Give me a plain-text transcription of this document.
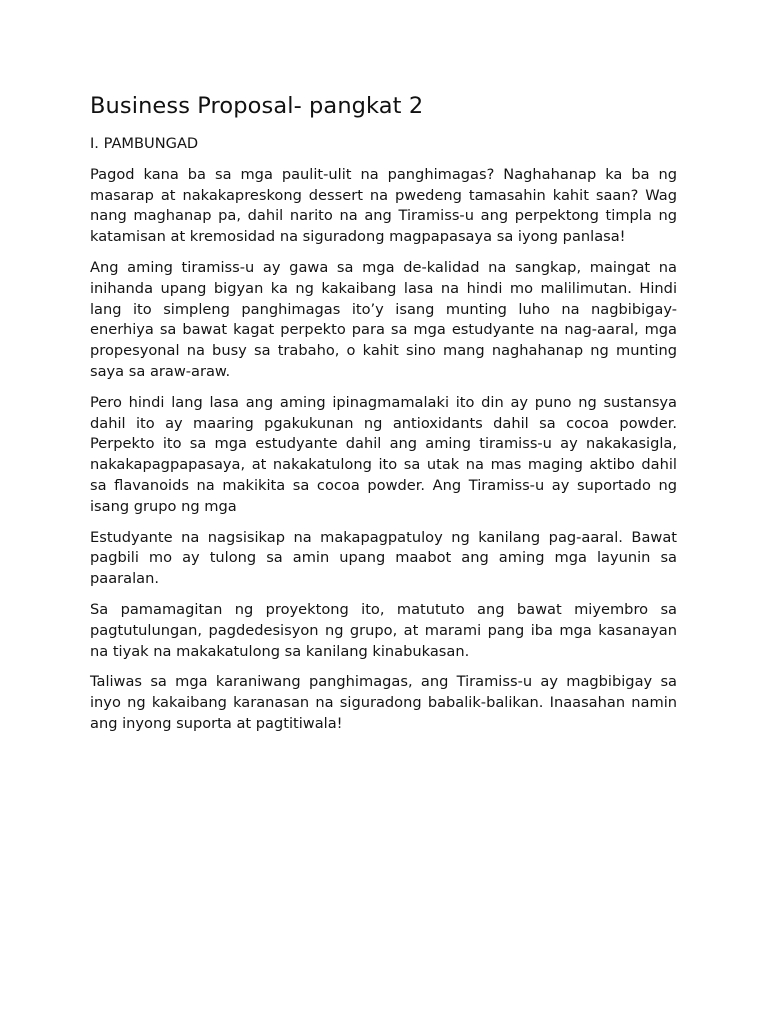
Business Proposal- pangkat 2
I. PAMBUNGAD

Pagod kana ba sa mga paulit-ulit na panghimagas? Naghahanap ka ba ng masarap at nakakapreskong dessert na pwedeng tamasahin kahit saan? Wag nang maghanap pa, dahil narito na ang Tiramiss-u ang perpektong timpla ng katamisan at kremosidad na siguradong magpapasaya sa iyong panlasa!

Ang aming tiramiss-u ay gawa sa mga de-kalidad na sangkap, maingat na inihanda upang bigyan ka ng kakaibang lasa na hindi mo malilimutan. Hindi lang ito simpleng panghimagas ito’y isang munting luho na nagbibigay-enerhiya sa bawat kagat perpekto para sa mga estudyante na nag-aaral, mga propesyonal na busy sa trabaho, o kahit sino mang naghahanap ng munting saya sa araw-araw.

Pero hindi lang lasa ang aming ipinagmamalaki ito din ay puno ng sustansya dahil ito ay maaring pgakukunan ng antioxidants dahil sa cocoa powder. Perpekto ito sa mga estudyante dahil ang aming tiramiss-u ay nakakasigla, nakakapagpapasaya, at nakakatulong ito sa utak na mas maging aktibo dahil sa flavanoids na makikita sa cocoa powder. Ang Tiramiss-u ay suportado ng isang grupo ng mga

Estudyante na nagsisikap na makapagpatuloy ng kanilang pag-aaral. Bawat pagbili mo ay tulong sa amin upang maabot ang aming mga layunin sa paaralan.

Sa pamamagitan ng proyektong ito, matututo ang bawat miyembro sa pagtutulungan, pagdedesisyon ng grupo, at marami pang iba mga kasanayan na tiyak na makakatulong sa kanilang kinabukasan.

Taliwas sa mga karaniwang panghimagas, ang Tiramiss-u ay magbibigay sa inyo ng kakaibang karanasan na siguradong babalik-balikan. Inaasahan namin ang inyong suporta at pagtitiwala!
